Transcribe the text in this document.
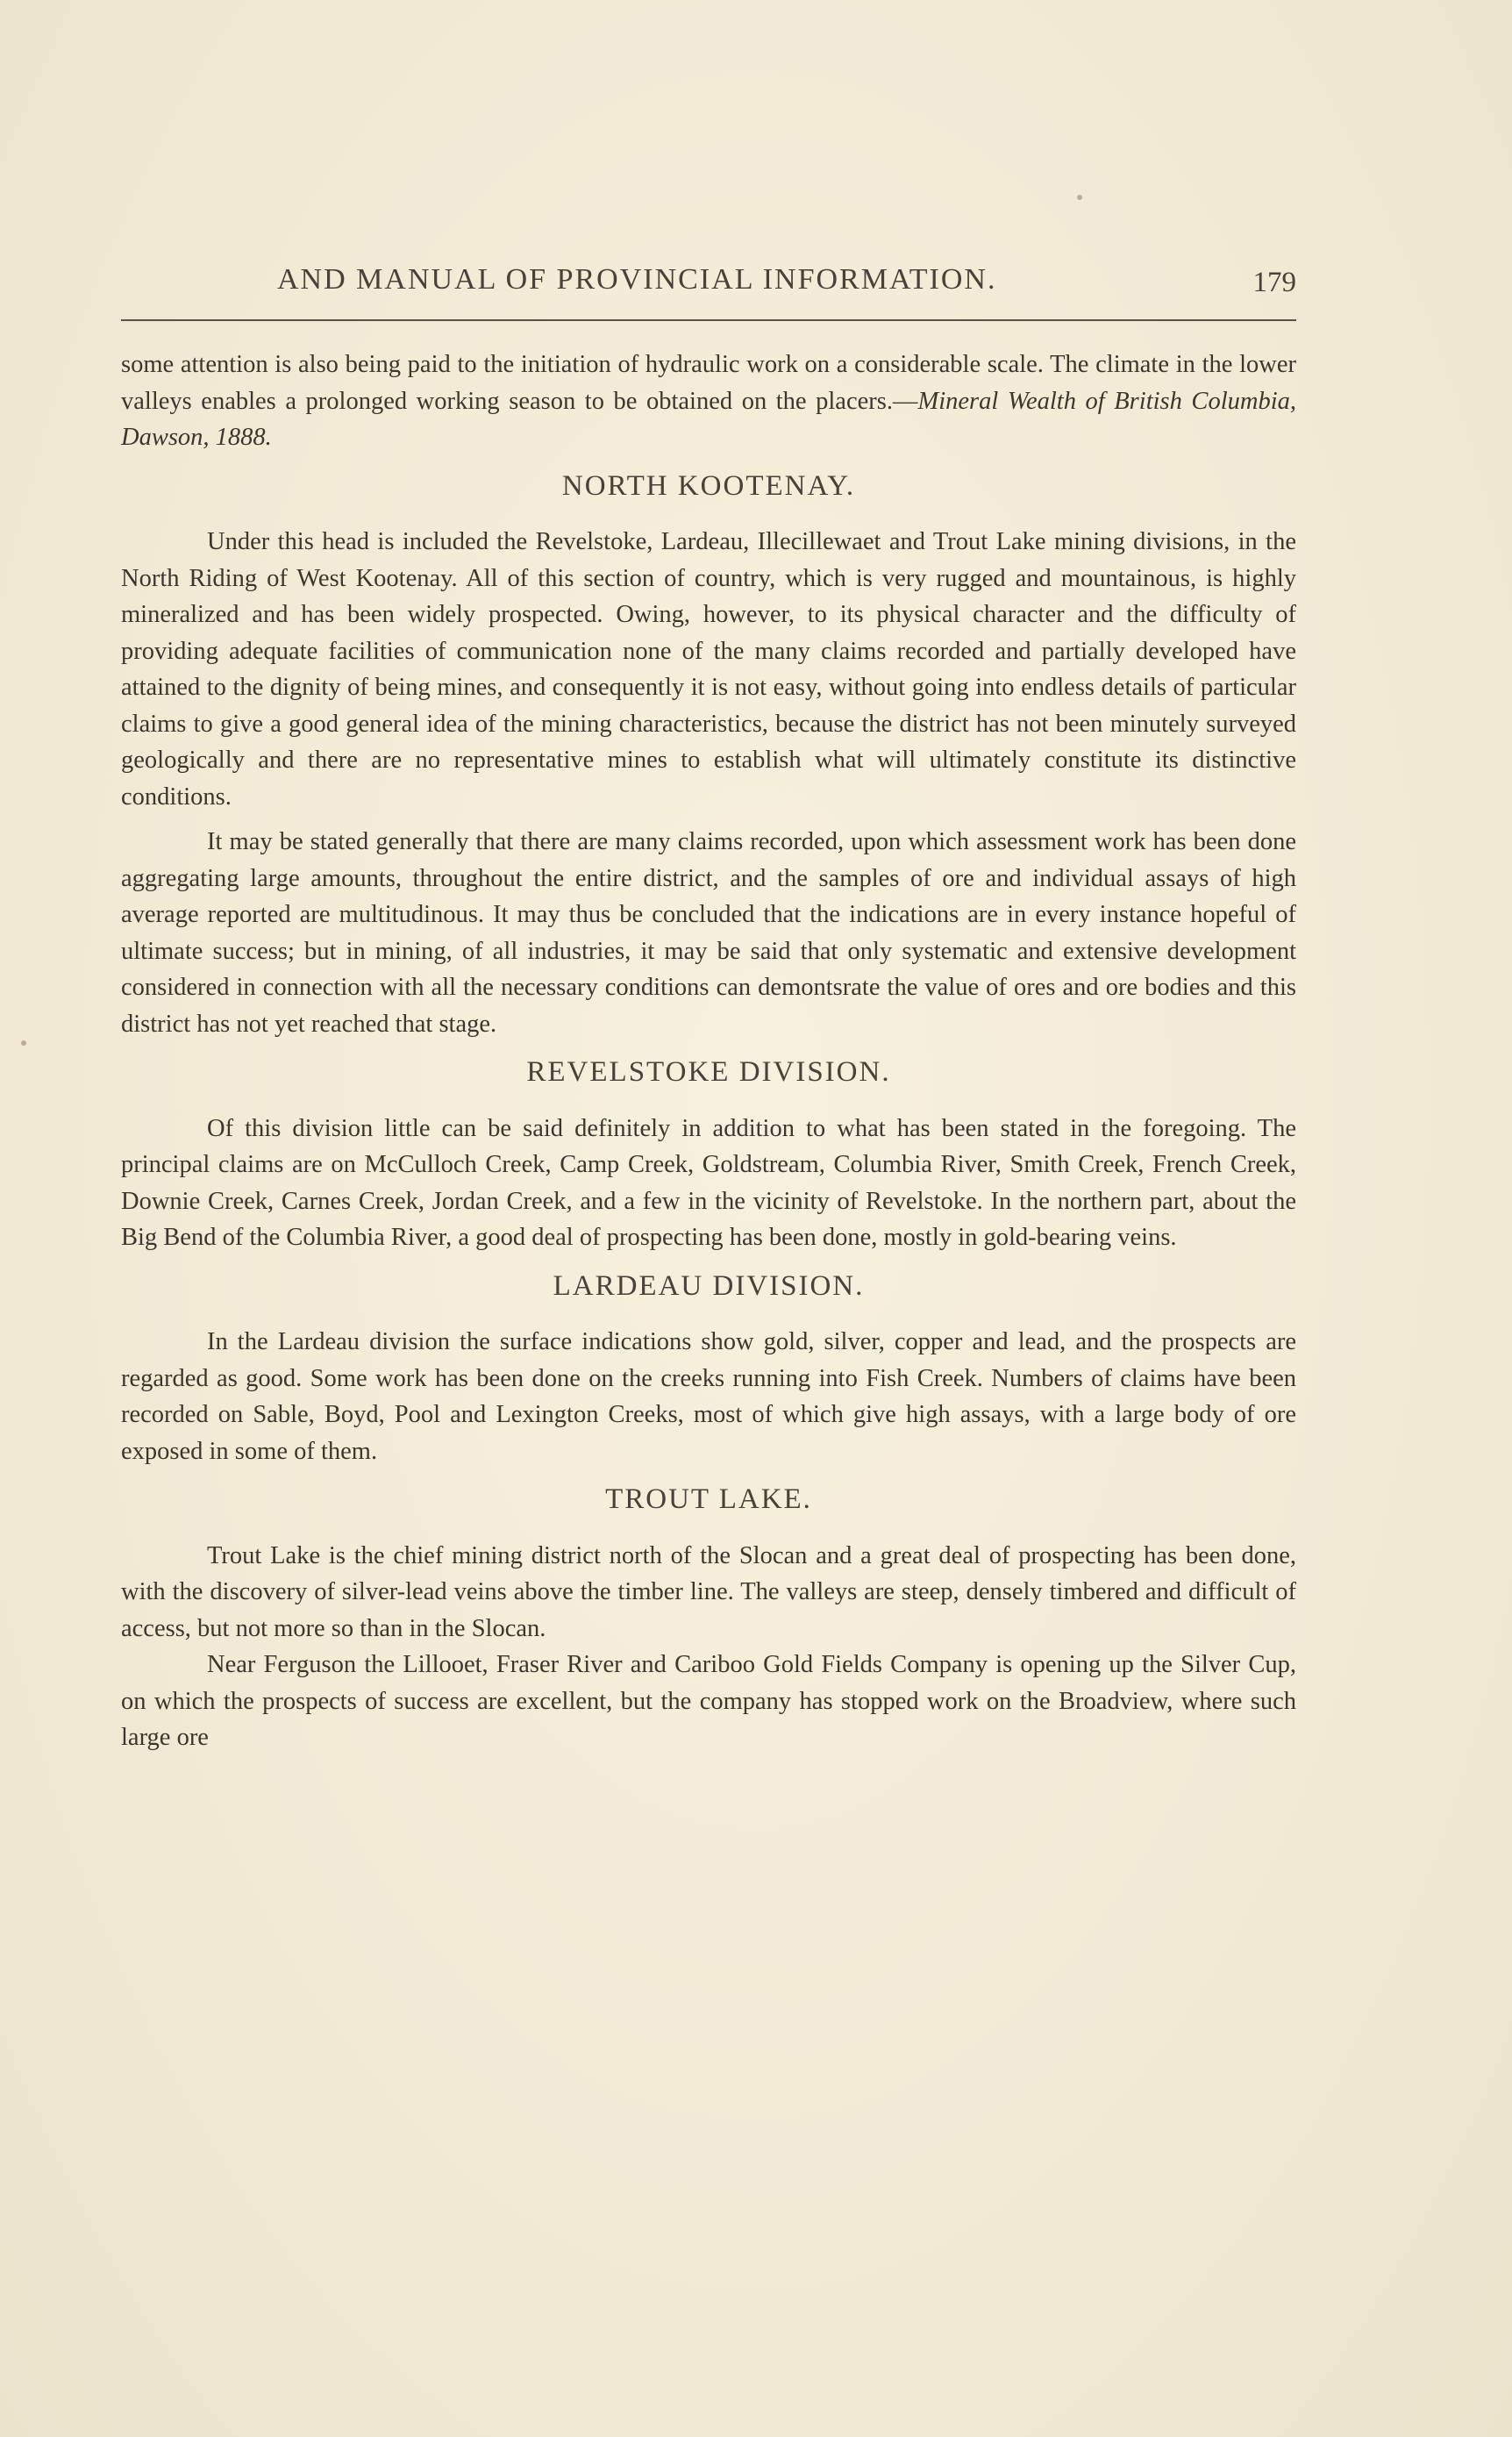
AND MANUAL OF PROVINCIAL INFORMATION.	179

some attention is also being paid to the initiation of hydraulic work on a considerable scale. The climate in the lower valleys enables a prolonged working season to be obtained on the placers.—Mineral Wealth of British Columbia, Dawson, 1888.

NORTH KOOTENAY.

Under this head is included the Revelstoke, Lardeau, Illecillewaet and Trout Lake mining divisions, in the North Riding of West Kootenay. All of this section of country, which is very rugged and mountainous, is highly mineralized and has been widely prospected. Owing, however, to its physical character and the difficulty of providing adequate facilities of communication none of the many claims recorded and partially developed have attained to the dignity of being mines, and consequently it is not easy, without going into endless details of particular claims to give a good general idea of the mining characteristics, because the district has not been minutely surveyed geologically and there are no representative mines to establish what will ultimately constitute its distinctive conditions.

It may be stated generally that there are many claims recorded, upon which assessment work has been done aggregating large amounts, throughout the entire district, and the samples of ore and individual assays of high average reported are multitudinous. It may thus be concluded that the indications are in every instance hopeful of ultimate success; but in mining, of all industries, it may be said that only systematic and extensive development considered in connection with all the necessary conditions can demontsrate the value of ores and ore bodies and this district has not yet reached that stage.

REVELSTOKE DIVISION.

Of this division little can be said definitely in addition to what has been stated in the foregoing. The principal claims are on McCulloch Creek, Camp Creek, Goldstream, Columbia River, Smith Creek, French Creek, Downie Creek, Carnes Creek, Jordan Creek, and a few in the vicinity of Revelstoke. In the northern part, about the Big Bend of the Columbia River, a good deal of prospecting has been done, mostly in gold-bearing veins.

LARDEAU DIVISION.

In the Lardeau division the surface indications show gold, silver, copper and lead, and the prospects are regarded as good. Some work has been done on the creeks running into Fish Creek. Numbers of claims have been recorded on Sable, Boyd, Pool and Lexington Creeks, most of which give high assays, with a large body of ore exposed in some of them.

TROUT LAKE.

Trout Lake is the chief mining district north of the Slocan and a great deal of prospecting has been done, with the discovery of silver-lead veins above the timber line. The valleys are steep, densely timbered and difficult of access, but not more so than in the Slocan.

Near Ferguson the Lillooet, Fraser River and Cariboo Gold Fields Company is opening up the Silver Cup, on which the prospects of success are excellent, but the company has stopped work on the Broadview, where such large ore
